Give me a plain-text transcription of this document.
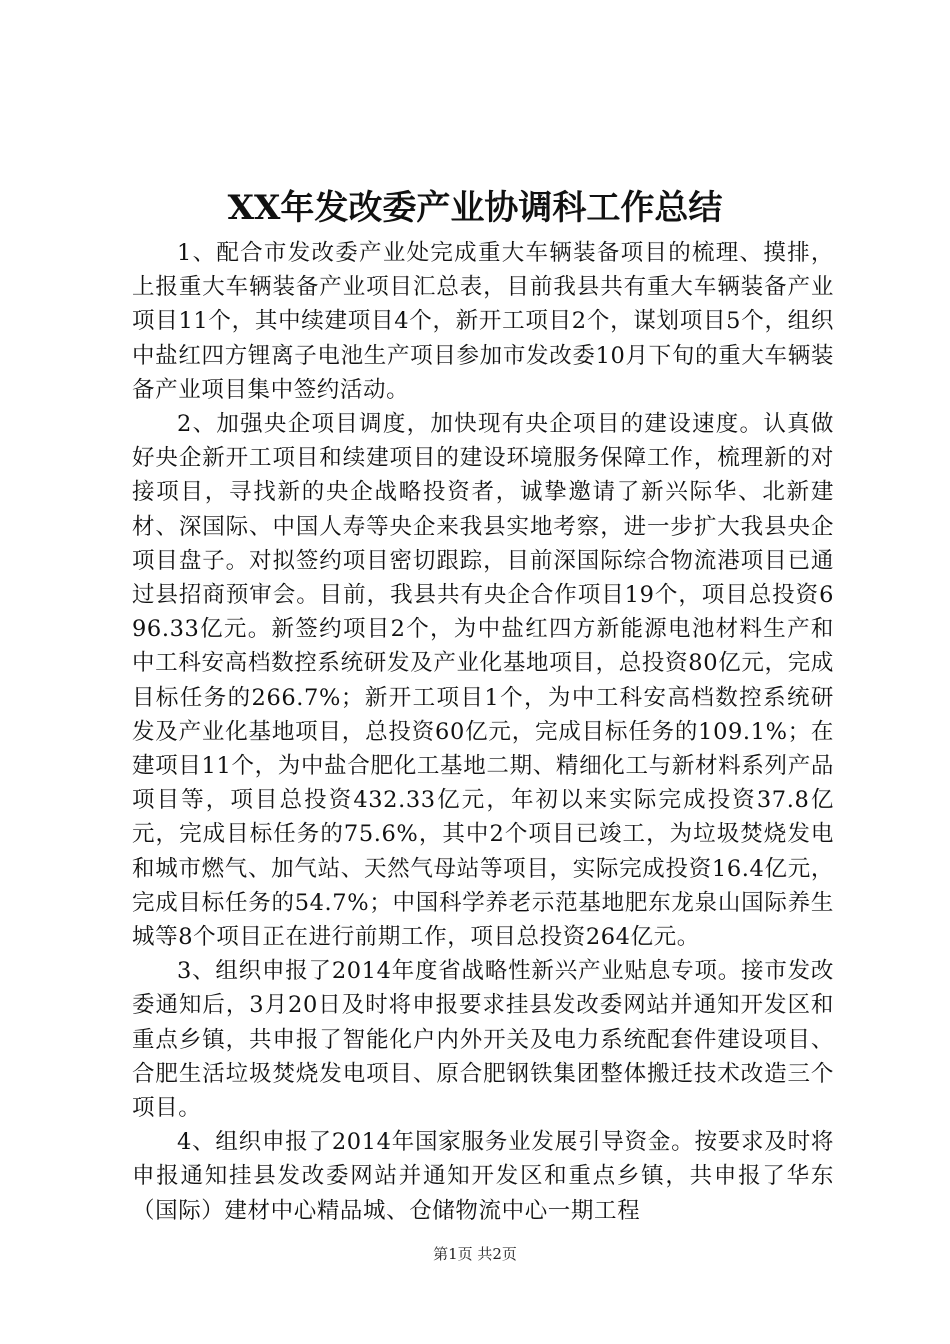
XX年发改委产业协调科工作总结

1、配合市发改委产业处完成重大车辆装备项目的梳理、摸排，上报重大车辆装备产业项目汇总表，目前我县共有重大车辆装备产业项目11个，其中续建项目4个，新开工项目2个，谋划项目5个，组织中盐红四方锂离子电池生产项目参加市发改委10月下旬的重大车辆装备产业项目集中签约活动。

2、加强央企项目调度，加快现有央企项目的建设速度。认真做好央企新开工项目和续建项目的建设环境服务保障工作，梳理新的对接项目，寻找新的央企战略投资者，诚挚邀请了新兴际华、北新建材、深国际、中国人寿等央企来我县实地考察，进一步扩大我县央企项目盘子。对拟签约项目密切跟踪，目前深国际综合物流港项目已通过县招商预审会。目前，我县共有央企合作项目19个，项目总投资696.33亿元。新签约项目2个，为中盐红四方新能源电池材料生产和中工科安高档数控系统研发及产业化基地项目，总投资80亿元，完成目标任务的266.7%；新开工项目1个，为中工科安高档数控系统研发及产业化基地项目，总投资60亿元，完成目标任务的109.1%；在建项目11个，为中盐合肥化工基地二期、精细化工与新材料系列产品项目等，项目总投资432.33亿元，年初以来实际完成投资37.8亿元，完成目标任务的75.6%，其中2个项目已竣工，为垃圾焚烧发电和城市燃气、加气站、天然气母站等项目，实际完成投资16.4亿元，完成目标任务的54.7%；中国科学养老示范基地肥东龙泉山国际养生城等8个项目正在进行前期工作，项目总投资264亿元。

3、组织申报了2014年度省战略性新兴产业贴息专项。接市发改委通知后，3月20日及时将申报要求挂县发改委网站并通知开发区和重点乡镇，共申报了智能化户内外开关及电力系统配套件建设项目、合肥生活垃圾焚烧发电项目、原合肥钢铁集团整体搬迁技术改造三个项目。

4、组织申报了2014年国家服务业发展引导资金。按要求及时将申报通知挂县发改委网站并通知开发区和重点乡镇，共申报了华东（国际）建材中心精品城、仓储物流中心一期工程

第1页 共2页
